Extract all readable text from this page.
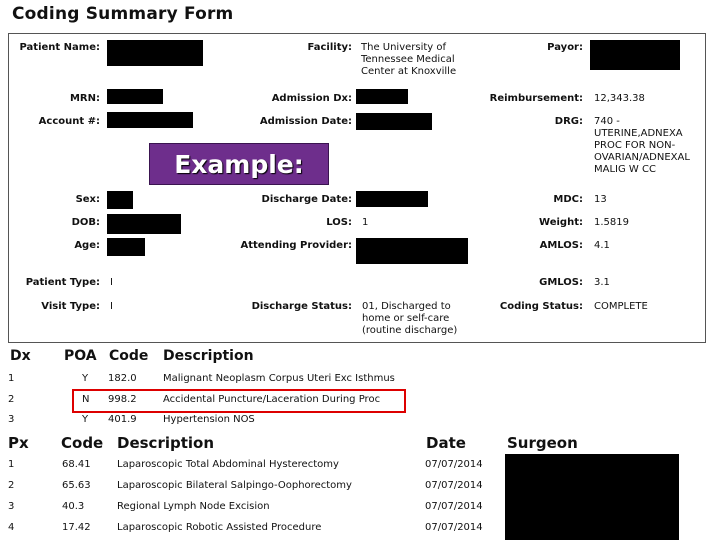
Coding Summary Form
Patient Name:	Facility: The University of
Tennessee Medical
Center at Knoxville
Payor:
MRN:	Admission Dx:	Reimbursement: 12,343.38
Account #:	Admission Date:	DRG: 740 -
UTERINE,ADNEXA
PROC FOR NON-
OVARIAN/ADNEXAL
MALIG W CC
Example:
Sex:	Discharge Date:	MDC: 13
DOB:	LOS: 1	Weight: 1.5819
Age:	Attending Provider:	AMLOS: 4.1
Patient Type: I	GMLOS: 3.1
Visit Type: I	Discharge Status: 01, Discharged to
home or self-care
(routine discharge)
Coding Status: COMPLETE
Dx POA Code Description
1	Y 182.0	Malignant Neoplasm Corpus Uteri Exc Isthmus
2	N 998.2	Accidental Puncture/Laceration During Proc
3	Y 401.9	Hypertension NOS
Px Code Description	Date	Surgeon
1	68.41	Laparoscopic Total Abdominal Hysterectomy	07/07/2014
2	65.63	Laparoscopic Bilateral Salpingo-Oophorectomy	07/07/2014
3	40.3	Regional Lymph Node Excision	07/07/2014
4	17.42	Laparoscopic Robotic Assisted Procedure	07/07/2014
